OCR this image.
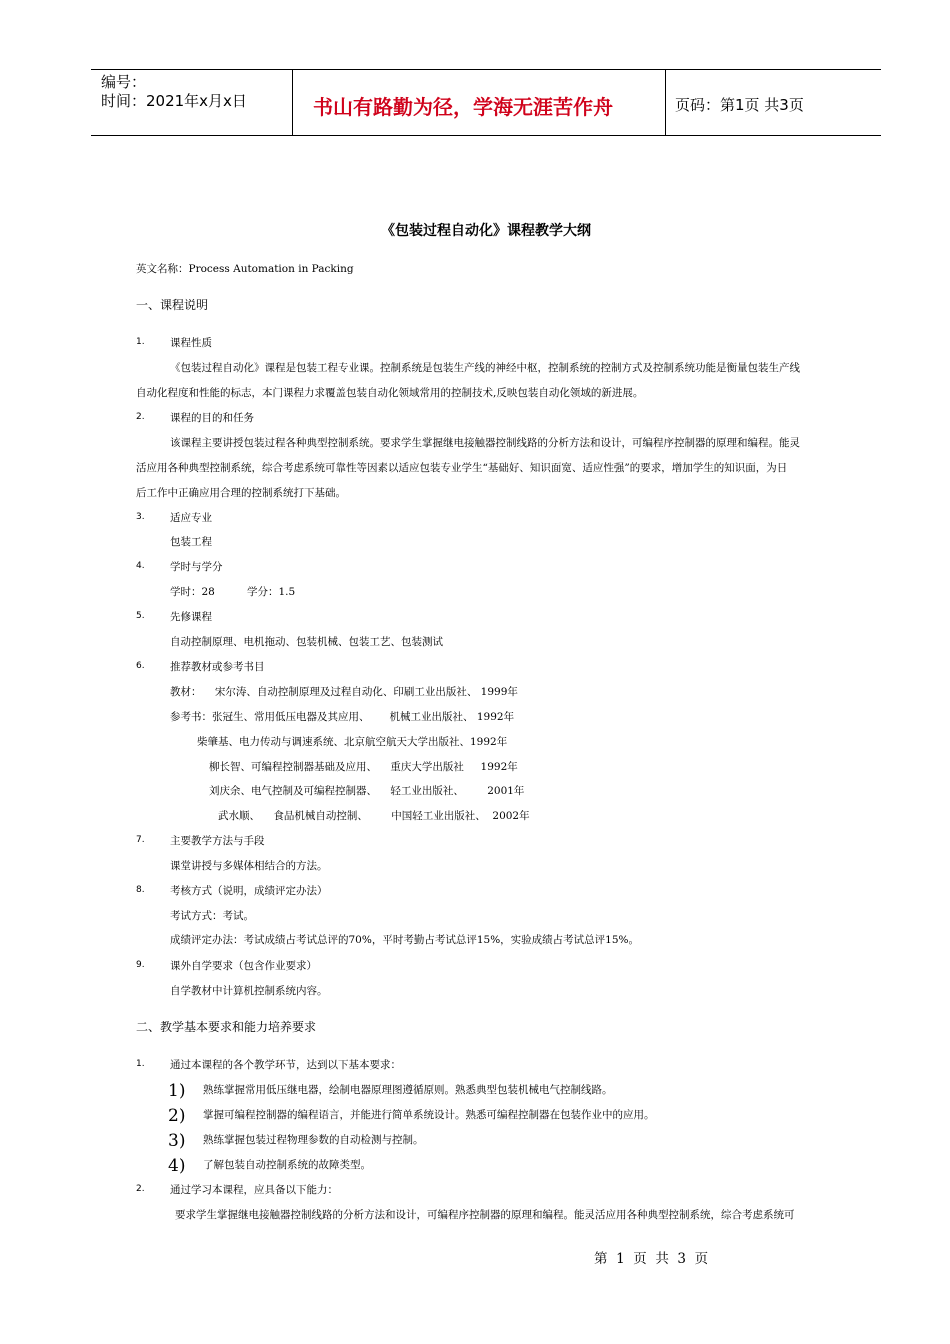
编号：
时间：2021年x月x日	书山有路勤为径，学海无涯苦作舟	页码：第1页 共3页
《包装过程自动化》课程教学大纲
英文名称：Process Automation in Packing
一、课程说明
1. 课程性质
《包装过程自动化》课程是包装工程专业课。控制系统是包装生产线的神经中枢，控制系统的控制方式及控制系统功能是衡量包装生产线
自动化程度和性能的标志，本门课程力求覆盖包装自动化领域常用的控制技术,反映包装自动化领域的新进展。
2. 课程的目的和任务
该课程主要讲授包装过程各种典型控制系统。要求学生掌握继电接触器控制线路的分析方法和设计，可编程序控制器的原理和编程。能灵
活应用各种典型控制系统，综合考虑系统可靠性等因素以适应包装专业学生“基础好、知识面宽、适应性强”的要求，增加学生的知识面，为日
后工作中正确应用合理的控制系统打下基础。
3. 适应专业
包装工程
4. 学时与学分
学时：28	学分：1.5
5. 先修课程
自动控制原理、电机拖动、包装机械、包装工艺、包装测试
6. 推荐教材或参考书目
教材：    宋尔涛、自动控制原理及过程自动化、印刷工业出版社、 1999年
参考书：张冠生、常用低压电器及其应用、      机械工业出版社、 1992年
柴肇基、电力传动与调速系统、北京航空航天大学出版社、1992年
柳长智、可编程控制器基础及应用、    重庆大学出版社     1992年
刘庆余、电气控制及可编程控制器、    轻工业出版社、       2001年
武水顺、    食品机械自动控制、       中国轻工业出版社、  2002年
7. 主要教学方法与手段
课堂讲授与多媒体相结合的方法。
8. 考核方式（说明，成绩评定办法）
考试方式：考试。
成绩评定办法：考试成绩占考试总评的70%，平时考勤占考试总评15%，实验成绩占考试总评15%。
9. 课外自学要求（包含作业要求）
自学教材中计算机控制系统内容。
二、教学基本要求和能力培养要求
1. 通过本课程的各个教学环节，达到以下基本要求：
1) 熟练掌握常用低压继电器，绘制电器原理图遵循原则。熟悉典型包装机械电气控制线路。
2) 掌握可编程控制器的编程语言，并能进行简单系统设计。熟悉可编程控制器在包装作业中的应用。
3) 熟练掌握包装过程物理参数的自动检测与控制。
4) 了解包装自动控制系统的故障类型。
2. 通过学习本课程，应具备以下能力：
要求学生掌握继电接触器控制线路的分析方法和设计，可编程序控制器的原理和编程。能灵活应用各种典型控制系统，综合考虑系统可
第  1  页  共  3  页
